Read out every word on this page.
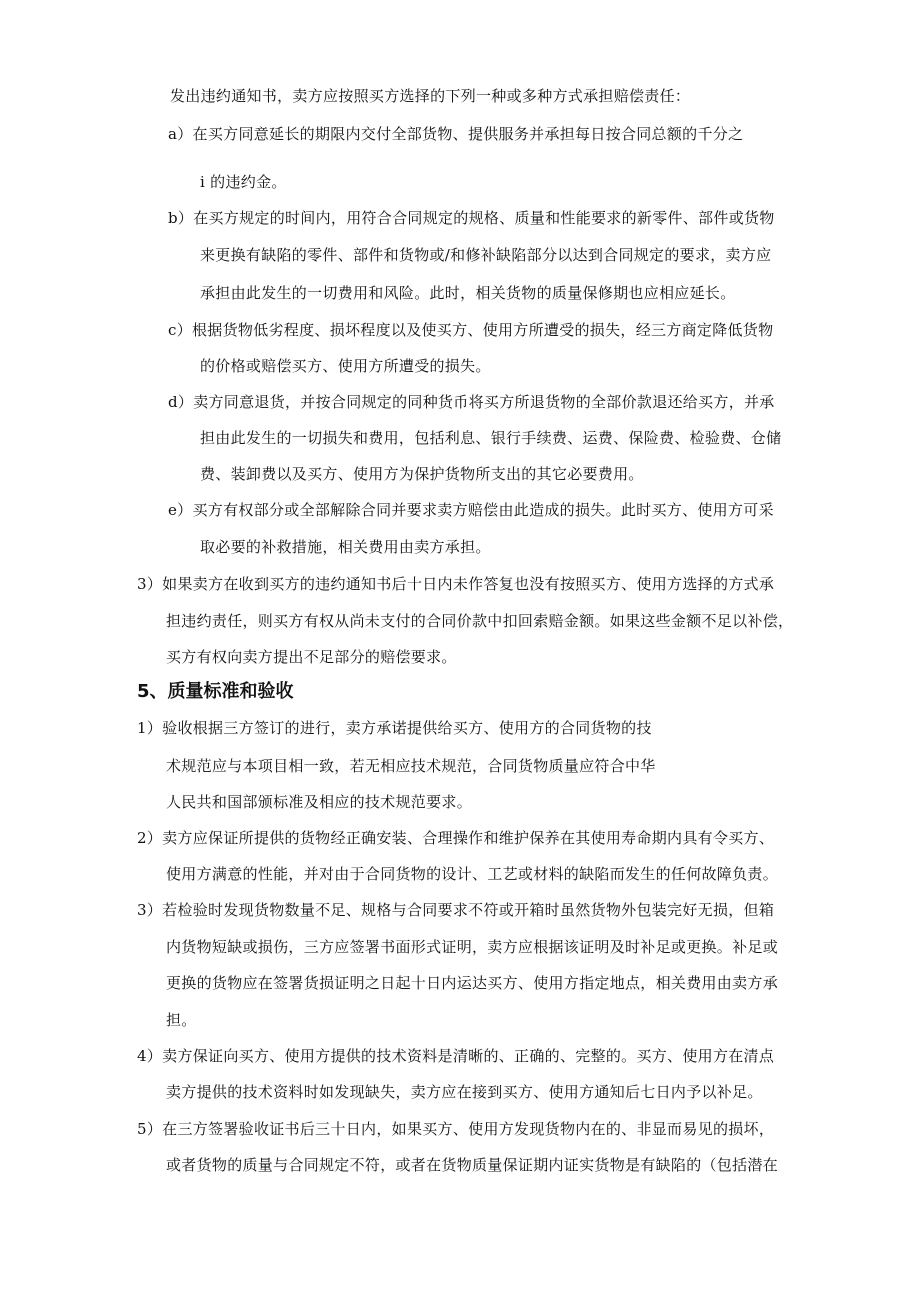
发出违约通知书，卖方应按照买方选择的下列一种或多种方式承担赔偿责任：
a）在买方同意延长的期限内交付全部货物、提供服务并承担每日按合同总额的千分之
i 的违约金。
b）在买方规定的时间内，用符合合同规定的规格、质量和性能要求的新零件、部件或货物
来更换有缺陷的零件、部件和货物或/和修补缺陷部分以达到合同规定的要求，卖方应
承担由此发生的一切费用和风险。此时，相关货物的质量保修期也应相应延长。
c）根据货物低劣程度、损坏程度以及使买方、使用方所遭受的损失，经三方商定降低货物
的价格或赔偿买方、使用方所遭受的损失。
d）卖方同意退货，并按合同规定的同种货币将买方所退货物的全部价款退还给买方，并承
担由此发生的一切损失和费用，包括利息、银行手续费、运费、保险费、检验费、仓储
费、装卸费以及买方、使用方为保护货物所支出的其它必要费用。
e）买方有权部分或全部解除合同并要求卖方赔偿由此造成的损失。此时买方、使用方可采
取必要的补救措施，相关费用由卖方承担。
3）如果卖方在收到买方的违约通知书后十日内未作答复也没有按照买方、使用方选择的方式承
担违约责任，则买方有权从尚未支付的合同价款中扣回索赔金额。如果这些金额不足以补偿，
买方有权向卖方提出不足部分的赔偿要求。
5、质量标准和验收
1）验收根据三方签订的进行，卖方承诺提供给买方、使用方的合同货物的技
术规范应与本项目相一致，若无相应技术规范，合同货物质量应符合中华
人民共和国部颁标准及相应的技术规范要求。
2）卖方应保证所提供的货物经正确安装、合理操作和维护保养在其使用寿命期内具有令买方、
使用方满意的性能，并对由于合同货物的设计、工艺或材料的缺陷而发生的任何故障负责。
3）若检验时发现货物数量不足、规格与合同要求不符或开箱时虽然货物外包装完好无损，但箱
内货物短缺或损伤，三方应签署书面形式证明，卖方应根据该证明及时补足或更换。补足或
更换的货物应在签署货损证明之日起十日内运达买方、使用方指定地点，相关费用由卖方承
担。
4）卖方保证向买方、使用方提供的技术资料是清晰的、正确的、完整的。买方、使用方在清点
卖方提供的技术资料时如发现缺失，卖方应在接到买方、使用方通知后七日内予以补足。
5）在三方签署验收证书后三十日内，如果买方、使用方发现货物内在的、非显而易见的损坏，
或者货物的质量与合同规定不符，或者在货物质量保证期内证实货物是有缺陷的（包括潜在
